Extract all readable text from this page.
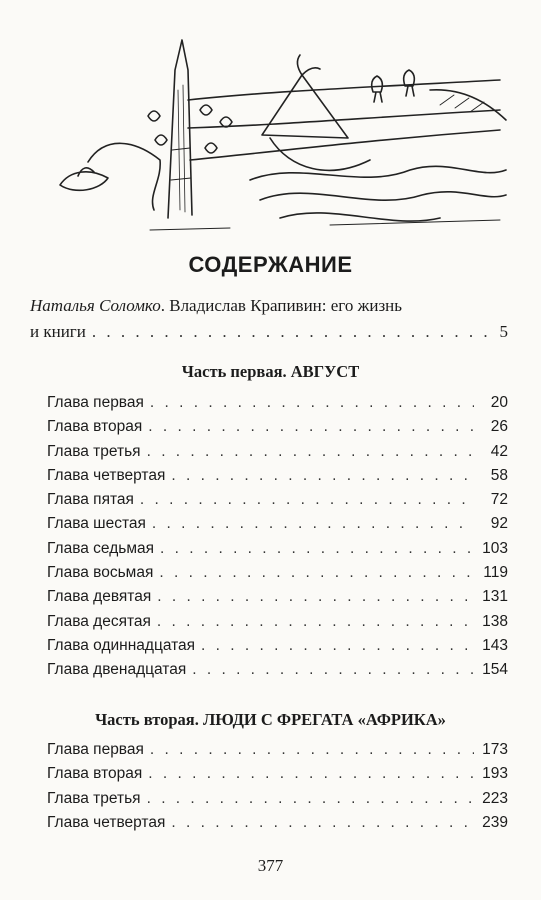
СОДЕРЖАНИЕ
Наталья Соломко. Владислав Крапивин: его жизнь
и книги . . .	5
Часть первая. АВГУСТ
Глава первая . . .	20
Глава вторая . . .	26
Глава третья . . .	42
Глава четвертая . . .	58
Глава пятая . . .	72
Глава шестая . . .	92
Глава седьмая . . .	103
Глава восьмая . . .	119
Глава девятая . . .	131
Глава десятая . . .	138
Глава одиннадцатая . . .	143
Глава двенадцатая . . .	154
Часть вторая. ЛЮДИ С ФРЕГАТА «АФРИКА»
Глава первая . . .	173
Глава вторая . . .	193
Глава третья . . .	223
Глава четвертая . . .	239
377
